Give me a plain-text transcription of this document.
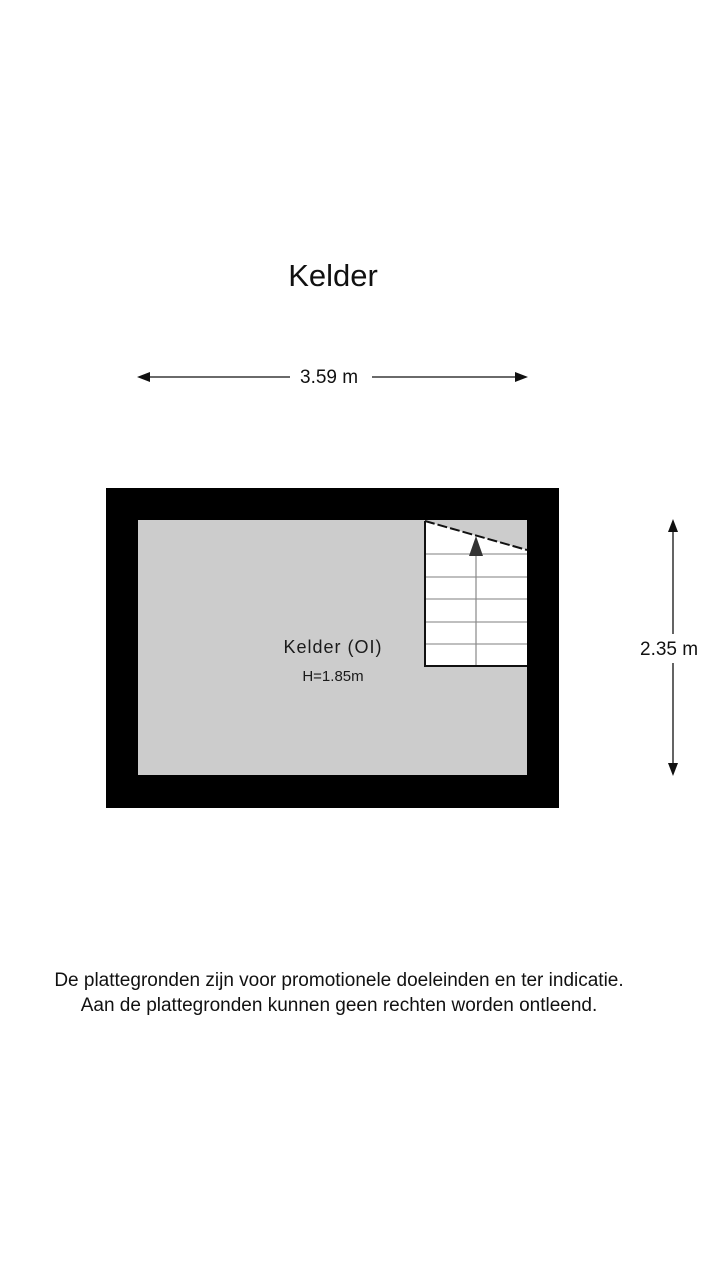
Kelder
3.59 m
2.35 m
Kelder (OI)
H=1.85m
De plattegronden zijn voor promotionele doeleinden en ter indicatie.
Aan de plattegronden kunnen geen rechten worden ontleend.
